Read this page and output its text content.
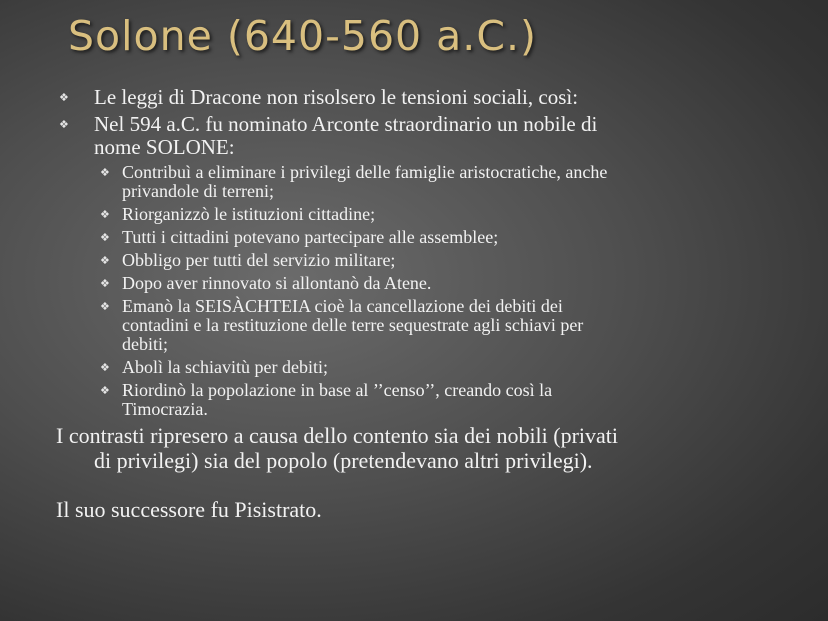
Solone (640-560 a.C.)
❖ Le leggi di Dracone non risolsero le tensioni sociali, così:
❖ Nel 594 a.C. fu nominato Arconte straordinario un nobile di
nome SOLONE:
❖ Contribuì a eliminare i privilegi delle famiglie aristocratiche, anche
privandole di terreni;
❖ Riorganizzò le istituzioni cittadine;
❖ Tutti i cittadini potevano partecipare alle assemblee;
❖ Obbligo per tutti del servizio militare;
❖ Dopo aver rinnovato si allontanò da Atene.
❖ Emanò la SEISÀCHTEIA cioè la cancellazione dei debiti dei
contadini e la restituzione delle terre sequestrate agli schiavi per
debiti;
❖ Abolì la schiavitù per debiti;
❖ Riordinò la popolazione in base al ’’censo’’, creando così la
Timocrazia.
I contrasti ripresero a causa dello contento sia dei nobili (privati
di privilegi) sia del popolo (pretendevano altri privilegi).
Il suo successore fu Pisistrato.
